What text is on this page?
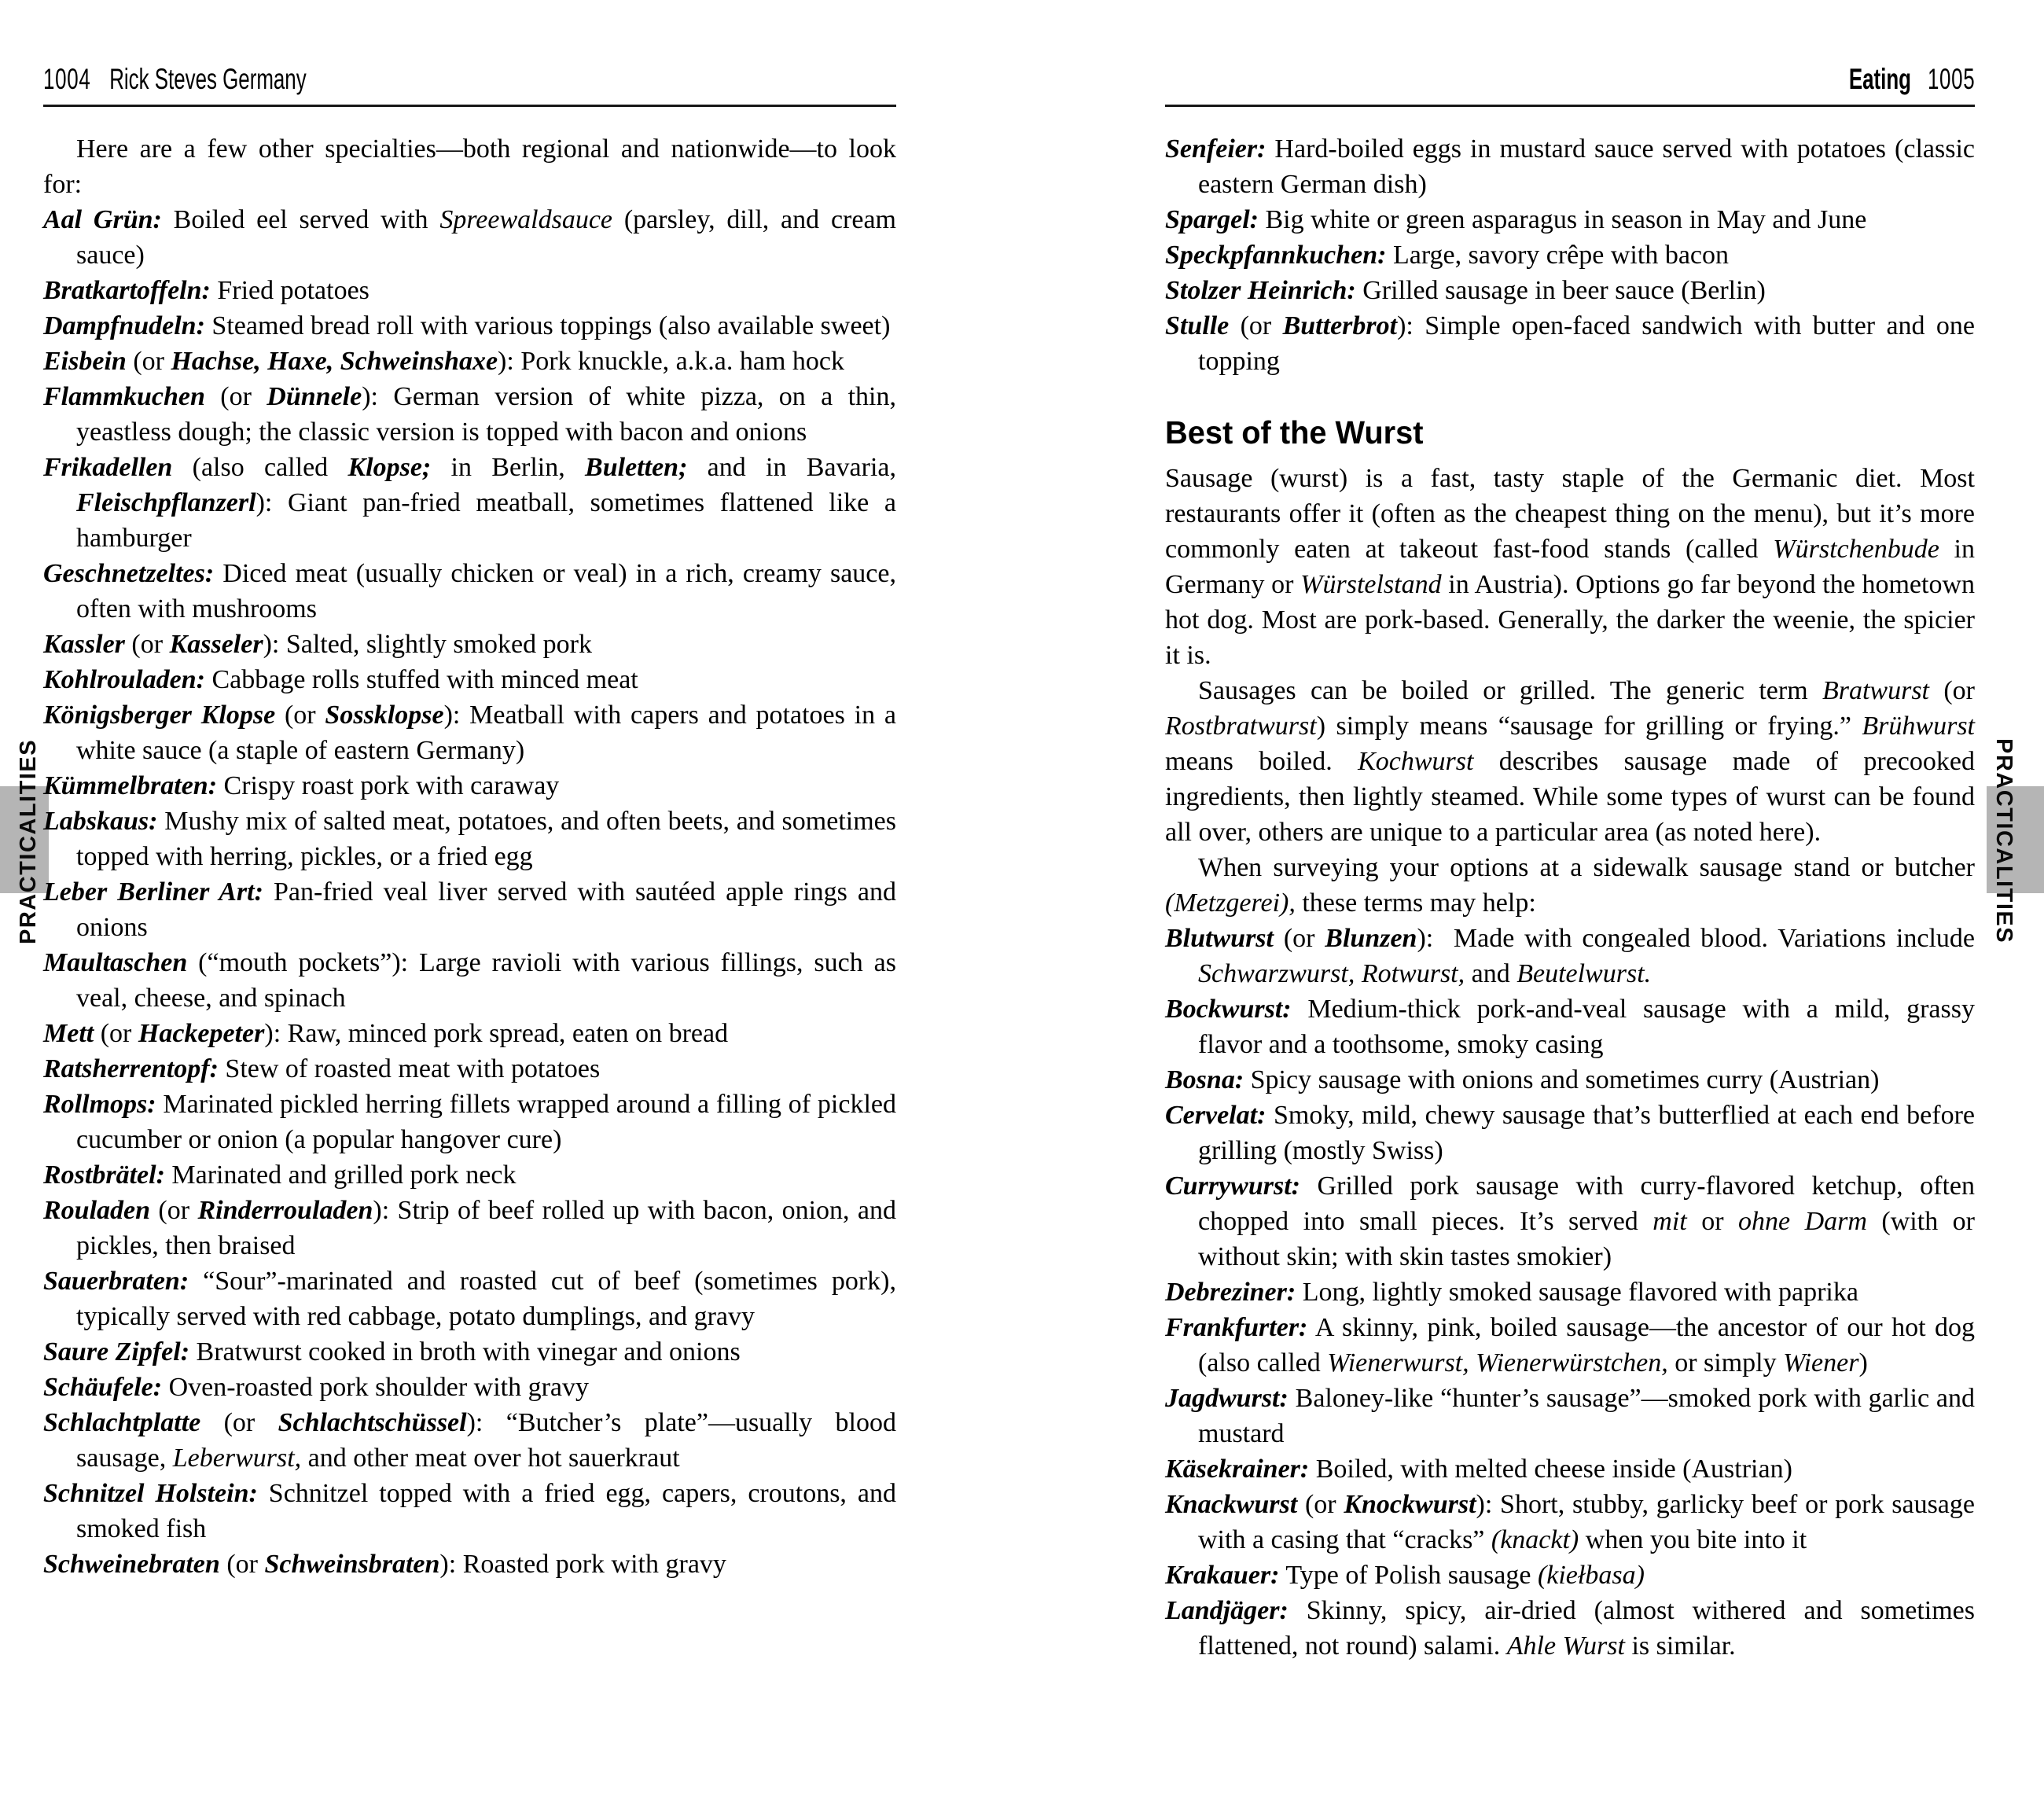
PRACTICALITIES	PRACTICALITIES
1004 Rick Steves Germany

Here are a few other specialties—both regional and nationwide—to look for:

Aal Grün: Boiled eel served with Spreewaldsauce (parsley, dill, and cream sauce)

Bratkartoffeln: Fried potatoes

Dampfnudeln: Steamed bread roll with various toppings (also available sweet)

Eisbein (or Hachse, Haxe, Schweinshaxe): Pork knuckle, a.k.a. ham hock

Flammkuchen (or Dünnele): German version of white pizza, on a thin, yeastless dough; the classic version is topped with bacon and onions

Frikadellen (also called Klopse; in Berlin, Buletten; and in Bavaria, Fleischpflanzerl): Giant pan-fried meatball, sometimes flattened like a hamburger

Geschnetzeltes: Diced meat (usually chicken or veal) in a rich, creamy sauce, often with mushrooms

Kassler (or Kasseler): Salted, slightly smoked pork

Kohlrouladen: Cabbage rolls stuffed with minced meat

Königsberger Klopse (or Sossklopse): Meatball with capers and potatoes in a white sauce (a staple of eastern Germany)

Kümmelbraten: Crispy roast pork with caraway

Labskaus: Mushy mix of salted meat, potatoes, and often beets, and sometimes topped with herring, pickles, or a fried egg

Leber Berliner Art: Pan-fried veal liver served with sautéed apple rings and onions

Maultaschen (“mouth pockets”): Large ravioli with various fillings, such as veal, cheese, and spinach

Mett (or Hackepeter): Raw, minced pork spread, eaten on bread

Ratsherrentopf: Stew of roasted meat with potatoes

Rollmops: Marinated pickled herring fillets wrapped around a filling of pickled cucumber or onion (a popular hangover cure)

Rostbrätel: Marinated and grilled pork neck

Rouladen (or Rinderrouladen): Strip of beef rolled up with bacon, onion, and pickles, then braised

Sauerbraten: “Sour”-marinated and roasted cut of beef (sometimes pork), typically served with red cabbage, potato dumplings, and gravy

Saure Zipfel: Bratwurst cooked in broth with vinegar and onions

Schäufele: Oven-roasted pork shoulder with gravy

Schlachtplatte (or Schlachtschüssel): “Butcher’s plate”—usually blood sausage, Leberwurst, and other meat over hot sauerkraut

Schnitzel Holstein: Schnitzel topped with a fried egg, capers, croutons, and smoked fish

Schweinebraten (or Schweinsbraten): Roasted pork with gravy

Eating 1005

Senfeier: Hard-boiled eggs in mustard sauce served with potatoes (classic eastern German dish)

Spargel: Big white or green asparagus in season in May and June

Speckpfannkuchen: Large, savory crêpe with bacon

Stolzer Heinrich: Grilled sausage in beer sauce (Berlin)

Stulle (or Butterbrot): Simple open-faced sandwich with butter and one topping

Best of the Wurst

Sausage (wurst) is a fast, tasty staple of the Germanic diet. Most restaurants offer it (often as the cheapest thing on the menu), but it’s more commonly eaten at takeout fast-food stands (called Würstchenbude in Germany or Würstelstand in Austria). Options go far beyond the hometown hot dog. Most are pork-based. Generally, the darker the weenie, the spicier it is.

Sausages can be boiled or grilled. The generic term Bratwurst (or Rostbratwurst) simply means “sausage for grilling or frying.” Brühwurst means boiled. Kochwurst describes sausage made of precooked ingredients, then lightly steamed. While some types of wurst can be found all over, others are unique to a particular area (as noted here).

When surveying your options at a sidewalk sausage stand or butcher (Metzgerei), these terms may help:

Blutwurst (or Blunzen):  Made with congealed blood. Variations include Schwarzwurst, Rotwurst, and Beutelwurst.

Bockwurst: Medium-thick pork-and-veal sausage with a mild, grassy flavor and a toothsome, smoky casing

Bosna: Spicy sausage with onions and sometimes curry (Austrian)

Cervelat: Smoky, mild, chewy sausage that’s butterflied at each end before grilling (mostly Swiss)

Currywurst: Grilled pork sausage with curry-flavored ketchup, often chopped into small pieces. It’s served mit or ohne Darm (with or without skin; with skin tastes smokier)

Debreziner: Long, lightly smoked sausage flavored with paprika

Frankfurter: A skinny, pink, boiled sausage—the ancestor of our hot dog (also called Wienerwurst, Wienerwürstchen, or simply Wiener)

Jagdwurst: Baloney-like “hunter’s sausage”—smoked pork with garlic and mustard

Käsekrainer: Boiled, with melted cheese inside (Austrian)

Knackwurst (or Knockwurst): Short, stubby, garlicky beef or pork sausage with a casing that “cracks” (knackt) when you bite into it

Krakauer: Type of Polish sausage (kiełbasa)

Landjäger: Skinny, spicy, air-dried (almost withered and sometimes flattened, not round) salami. Ahle Wurst is similar.
